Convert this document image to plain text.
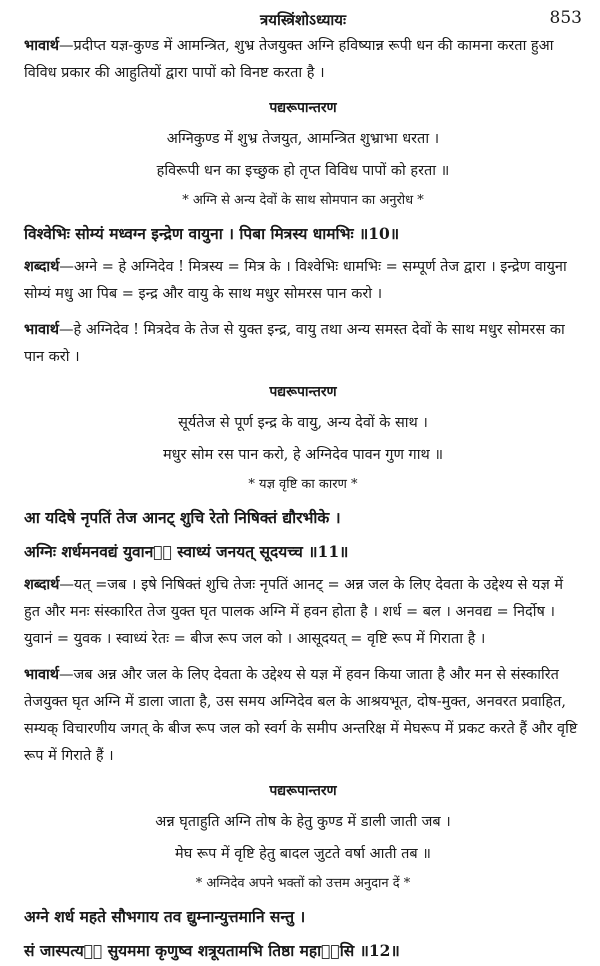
त्रयस्त्रिंशोऽध्यायः	853

भावार्थ—प्रदीप्त यज्ञ-कुण्ड में आमन्त्रित, शुभ्र तेजयुक्त अग्नि हविष्यान्न रूपी धन की कामना करता हुआ विविध प्रकार की आहुतियों द्वारा पापों को विनष्ट करता है ।

पद्यरूपान्तरण
अग्निकुण्ड में शुभ्र तेजयुत, आमन्त्रित शुभ्राभा धरता ।
हविरूपी धन का इच्छुक हो तृप्त विविध पापों को हरता ॥
* अग्नि से अन्य देवों के साथ सोमपान का अनुरोध *
विश्वेभिः सोम्यं मध्वग्न इन्द्रेण वायुना । पिबा मित्रस्य धामभिः ॥10॥

शब्दार्थ—अग्ने = हे अग्निदेव ! मित्रस्य = मित्र के । विश्वेभिः धामभिः = सम्पूर्ण तेज द्वारा । इन्द्रेण वायुना सोम्यं मधु आ पिब = इन्द्र और वायु के साथ मधुर सोमरस पान करो ।

भावार्थ—हे अग्निदेव ! मित्रदेव के तेज से युक्त इन्द्र, वायु तथा अन्य समस्त देवों के साथ मधुर सोमरस का पान करो ।

पद्यरूपान्तरण
सूर्यतेज से पूर्ण इन्द्र के वायु, अन्य देवों के साथ ।
मधुर सोम रस पान करो, हे अग्निदेव पावन गुण गाथ ॥
* यज्ञ वृष्टि का कारण *
आ यदिषे नृपतिं तेज आनट् शुचि रेतो निषिक्तं द्यौरभीके ।
अग्निः शर्धमनवद्यं युवानᳬं स्वाध्यं जनयत् सूदयच्च ॥11॥

शब्दार्थ—यत् =जब । इषे निषिक्तं शुचि तेजः नृपतिं आनट् = अन्न जल के लिए देवता के उद्देश्य से यज्ञ में हुत और मनः संस्कारित तेज युक्त घृत पालक अग्नि में हवन होता है । शर्ध = बल । अनवद्य = निर्दोष । युवानं = युवक । स्वाध्यं रेतः = बीज रूप जल को । आसूदयत् = वृष्टि रूप में गिराता है ।

भावार्थ—जब अन्न और जल के लिए देवता के उद्देश्य से यज्ञ में हवन किया जाता है और मन से संस्कारित तेजयुक्त घृत अग्नि में डाला जाता है, उस समय अग्निदेव बल के आश्रयभूत, दोष-मुक्त, अनवरत प्रवाहित, सम्यक् विचारणीय जगत् के बीज रूप जल को स्वर्ग के समीप अन्तरिक्ष में मेघरूप में प्रकट करते हैं और वृष्टि रूप में गिराते हैं ।

पद्यरूपान्तरण
अन्न घृताहुति अग्नि तोष के हेतु कुण्ड में डाली जाती जब ।
मेघ रूप में वृष्टि हेतु बादल जुटते वर्षा आती तब ॥
* अग्निदेव अपने भक्तों को उत्तम अनुदान दें *
अग्ने शर्ध महते सौभगाय तव द्युम्नान्युत्तमानि सन्तु ।
सं जास्पत्यᳬं सुयममा कृणुष्व शत्रूयतामभि तिष्ठा महाᳬंसि ॥12॥
